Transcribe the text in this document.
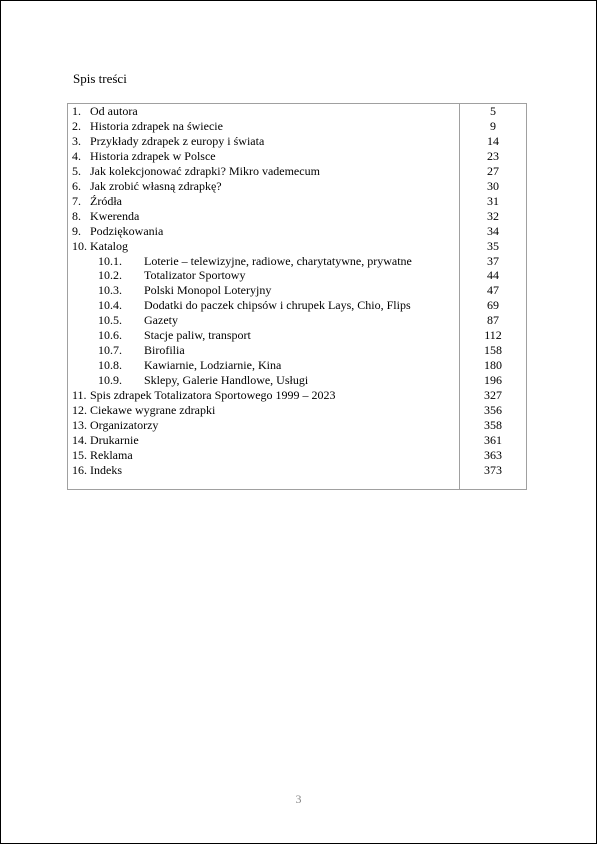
Spis treści
1. Od autora	5
2. Historia zdrapek na świecie	9
3. Przykłady zdrapek z europy i świata	14
4. Historia zdrapek w Polsce	23
5. Jak kolekcjonować zdrapki? Mikro vademecum	27
6. Jak zrobić własną zdrapkę?	30
7. Źródła	31
8. Kwerenda	32
9. Podziękowania	34
10. Katalog	35
10.1. Loterie – telewizyjne, radiowe, charytatywne, prywatne	37
10.2. Totalizator Sportowy	44
10.3. Polski Monopol Loteryjny	47
10.4. Dodatki do paczek chipsów i chrupek Lays, Chio, Flips	69
10.5. Gazety	87
10.6. Stacje paliw, transport	112
10.7. Birofilia	158
10.8. Kawiarnie, Lodziarnie, Kina	180
10.9. Sklepy, Galerie Handlowe, Usługi	196
11. Spis zdrapek Totalizatora Sportowego 1999 – 2023	327
12. Ciekawe wygrane zdrapki	356
13. Organizatorzy	358
14. Drukarnie	361
15. Reklama	363
16. Indeks	373
3
